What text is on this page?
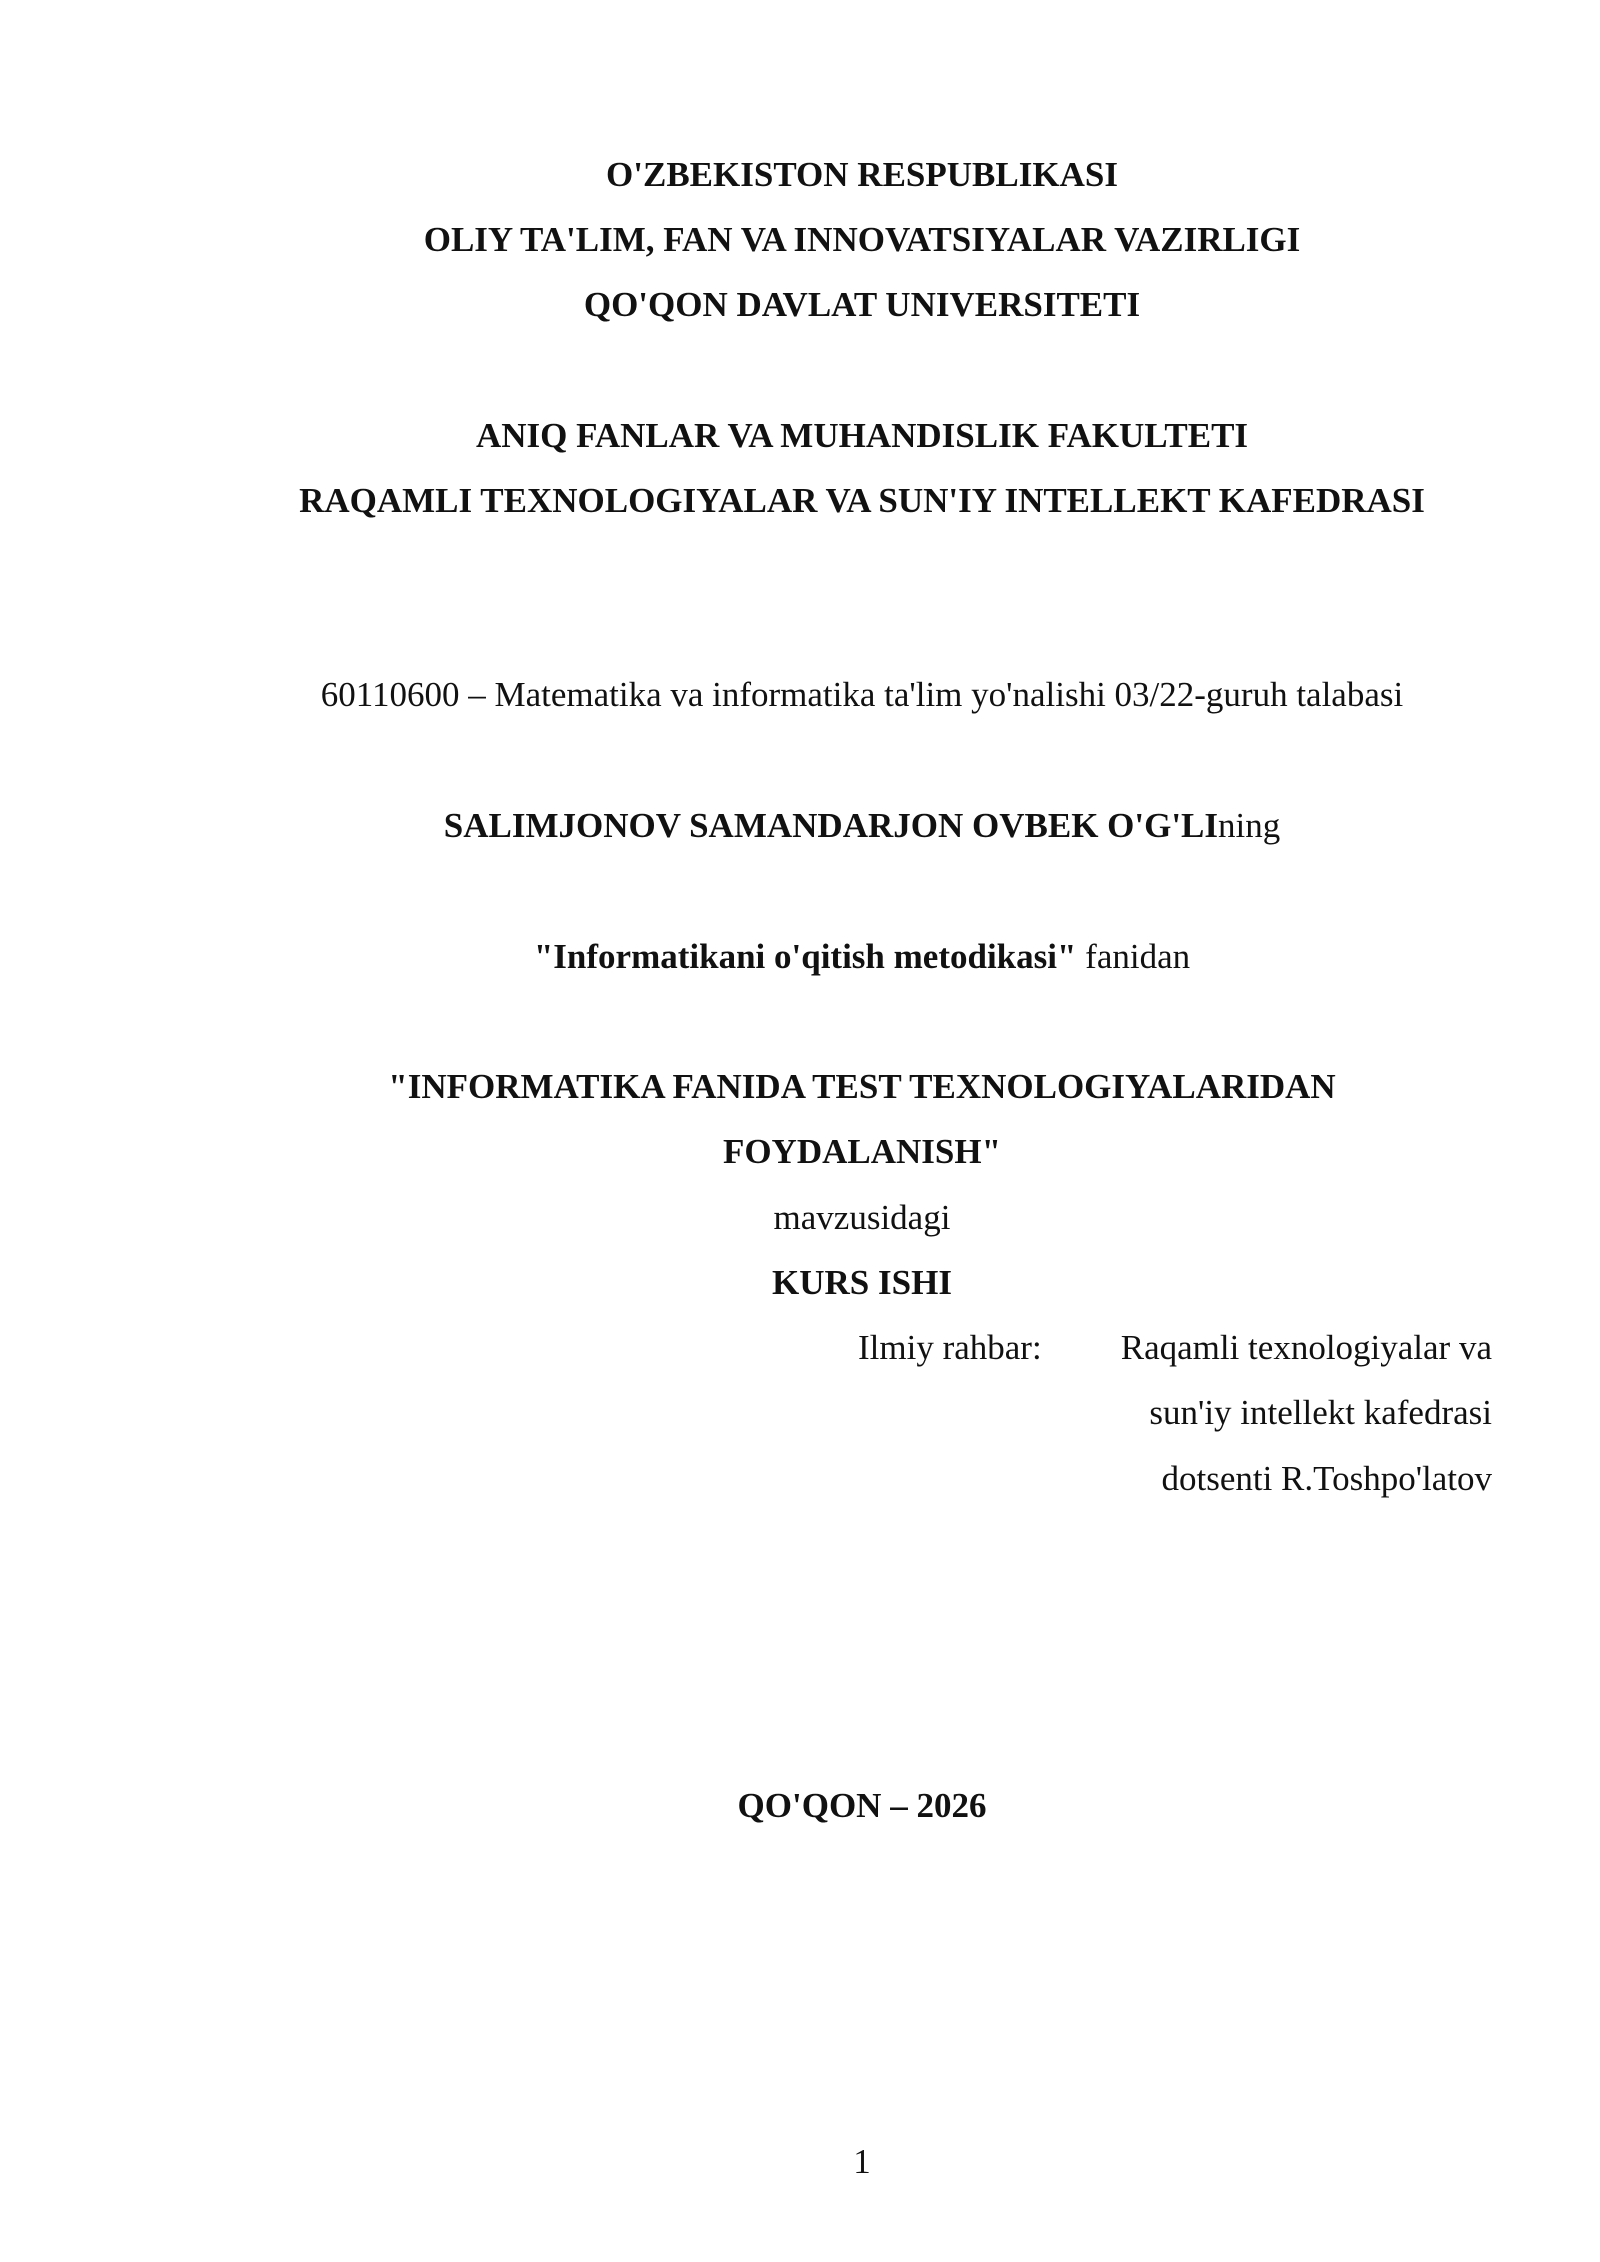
O'ZBEKISTON RESPUBLIKASI
OLIY TA'LIM, FAN VA INNOVATSIYALAR VAZIRLIGI
QO'QON DAVLAT UNIVERSITETI
ANIQ FANLAR VA MUHANDISLIK FAKULTETI
RAQAMLI TEXNOLOGIYALAR VA SUN'IY INTELLEKT KAFEDRASI
60110600 – Matematika va informatika ta'lim yo'nalishi 03/22-guruh talabasi
SALIMJONOV SAMANDARJON OVBEK O'G'LIning
"Informatikani o'qitish metodikasi" fanidan
"INFORMATIKA FANIDA TEST TEXNOLOGIYALARIDAN
FOYDALANISH"
mavzusidagi
KURS ISHI
Ilmiy rahbar: Raqamli texnologiyalar va
sun'iy intellekt kafedrasi
dotsenti R.Toshpo'latov
QO'QON – 2026
1
